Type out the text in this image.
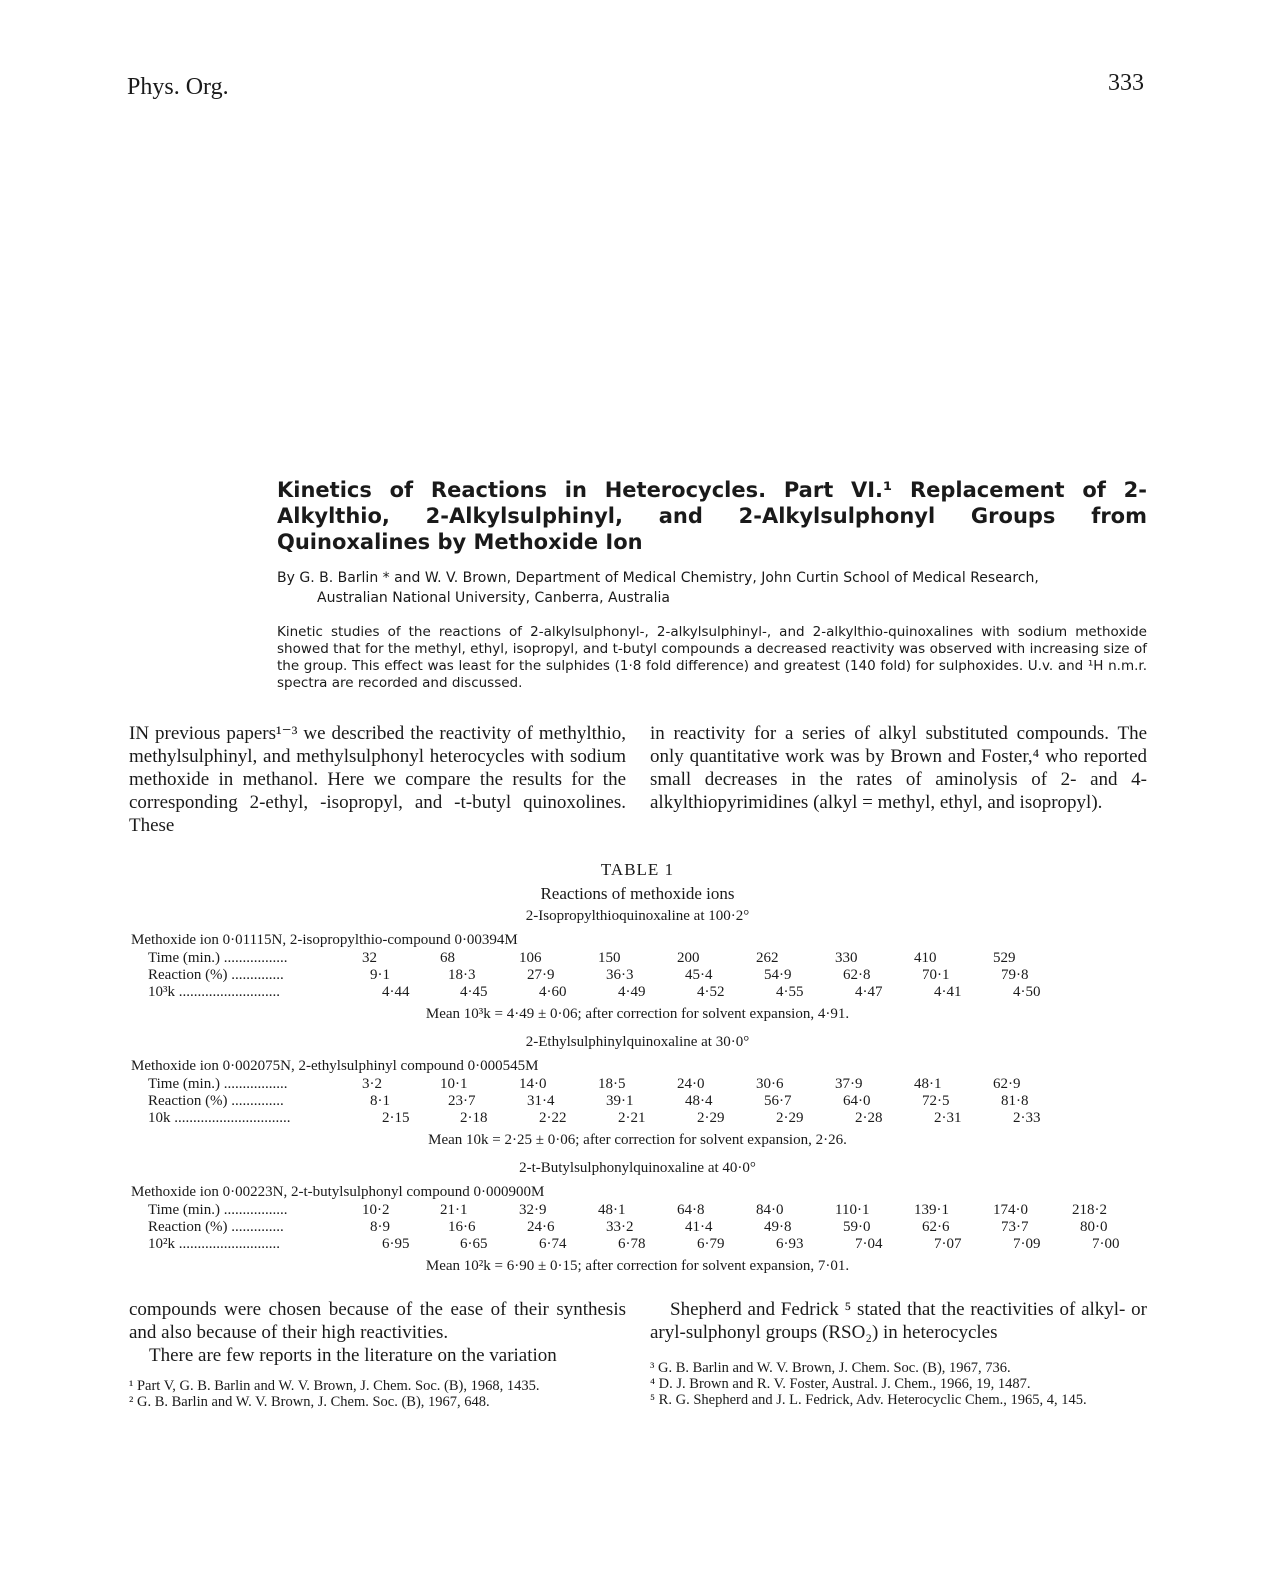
Phys. Org.	333
Kinetics of Reactions in Heterocycles. Part VI.¹ Replacement of 2-Alkylthio, 2-Alkylsulphinyl, and 2-Alkylsulphonyl Groups from Quinoxalines by Methoxide Ion
By G. B. Barlin * and W. V. Brown, Department of Medical Chemistry, John Curtin School of Medical Research,
Australian National University, Canberra, Australia
Kinetic studies of the reactions of 2-alkylsulphonyl-, 2-alkylsulphinyl-, and 2-alkylthio-quinoxalines with sodium methoxide showed that for the methyl, ethyl, isopropyl, and t-butyl compounds a decreased reactivity was observed with increasing size of the group. This effect was least for the sulphides (1·8 fold difference) and greatest (140 fold) for sulphoxides. U.v. and ¹H n.m.r. spectra are recorded and discussed.
IN previous papers¹⁻³ we described the reactivity of methylthio, methylsulphinyl, and methylsulphonyl heterocycles with sodium methoxide in methanol. Here we compare the results for the corresponding 2-ethyl, -isopropyl, and -t-butyl quinoxolines. These
in reactivity for a series of alkyl substituted compounds. The only quantitative work was by Brown and Foster,⁴ who reported small decreases in the rates of aminolysis of 2- and 4-alkylthiopyrimidines (alkyl = methyl, ethyl, and isopropyl).
TABLE 1
Reactions of methoxide ions
2-Isopropylthioquinoxaline at 100·2°
Methoxide ion 0·01115N, 2-isopropylthio-compound 0·00394M
Time (min.) .................	32	68	106	150	200	262	330	410	529
Reaction (%) ..............	9·1	18·3	27·9	36·3	45·4	54·9	62·8	70·1	79·8
10³k ...........................	4·44	4·45	4·60	4·49	4·52	4·55	4·47	4·41	4·50
Mean 10³k = 4·49 ± 0·06; after correction for solvent expansion, 4·91.
2-Ethylsulphinylquinoxaline at 30·0°
Methoxide ion 0·002075N, 2-ethylsulphinyl compound 0·000545M
Time (min.) .................	3·2	10·1	14·0	18·5	24·0	30·6	37·9	48·1	62·9
Reaction (%) ..............	8·1	23·7	31·4	39·1	48·4	56·7	64·0	72·5	81·8
10k ...............................	2·15	2·18	2·22	2·21	2·29	2·29	2·28	2·31	2·33
Mean 10k = 2·25 ± 0·06; after correction for solvent expansion, 2·26.
2-t-Butylsulphonylquinoxaline at 40·0°
Methoxide ion 0·00223N, 2-t-butylsulphonyl compound 0·000900M
Time (min.) .................	10·2	21·1	32·9	48·1	64·8	84·0	110·1	139·1	174·0	218·2
Reaction (%) ..............	8·9	16·6	24·6	33·2	41·4	49·8	59·0	62·6	73·7	80·0
10²k ...........................	6·95	6·65	6·74	6·78	6·79	6·93	7·04	7·07	7·09	7·00
Mean 10²k = 6·90 ± 0·15; after correction for solvent expansion, 7·01.
compounds were chosen because of the ease of their synthesis and also because of their high reactivities.
There are few reports in the literature on the variation
Shepherd and Fedrick ⁵ stated that the reactivities of alkyl- or aryl-sulphonyl groups (RSO₂) in heterocycles

¹ Part V, G. B. Barlin and W. V. Brown, J. Chem. Soc. (B), 1968, 1435.

² G. B. Barlin and W. V. Brown, J. Chem. Soc. (B), 1967, 648.

³ G. B. Barlin and W. V. Brown, J. Chem. Soc. (B), 1967, 736.

⁴ D. J. Brown and R. V. Foster, Austral. J. Chem., 1966, 19, 1487.

⁵ R. G. Shepherd and J. L. Fedrick, Adv. Heterocyclic Chem., 1965, 4, 145.
